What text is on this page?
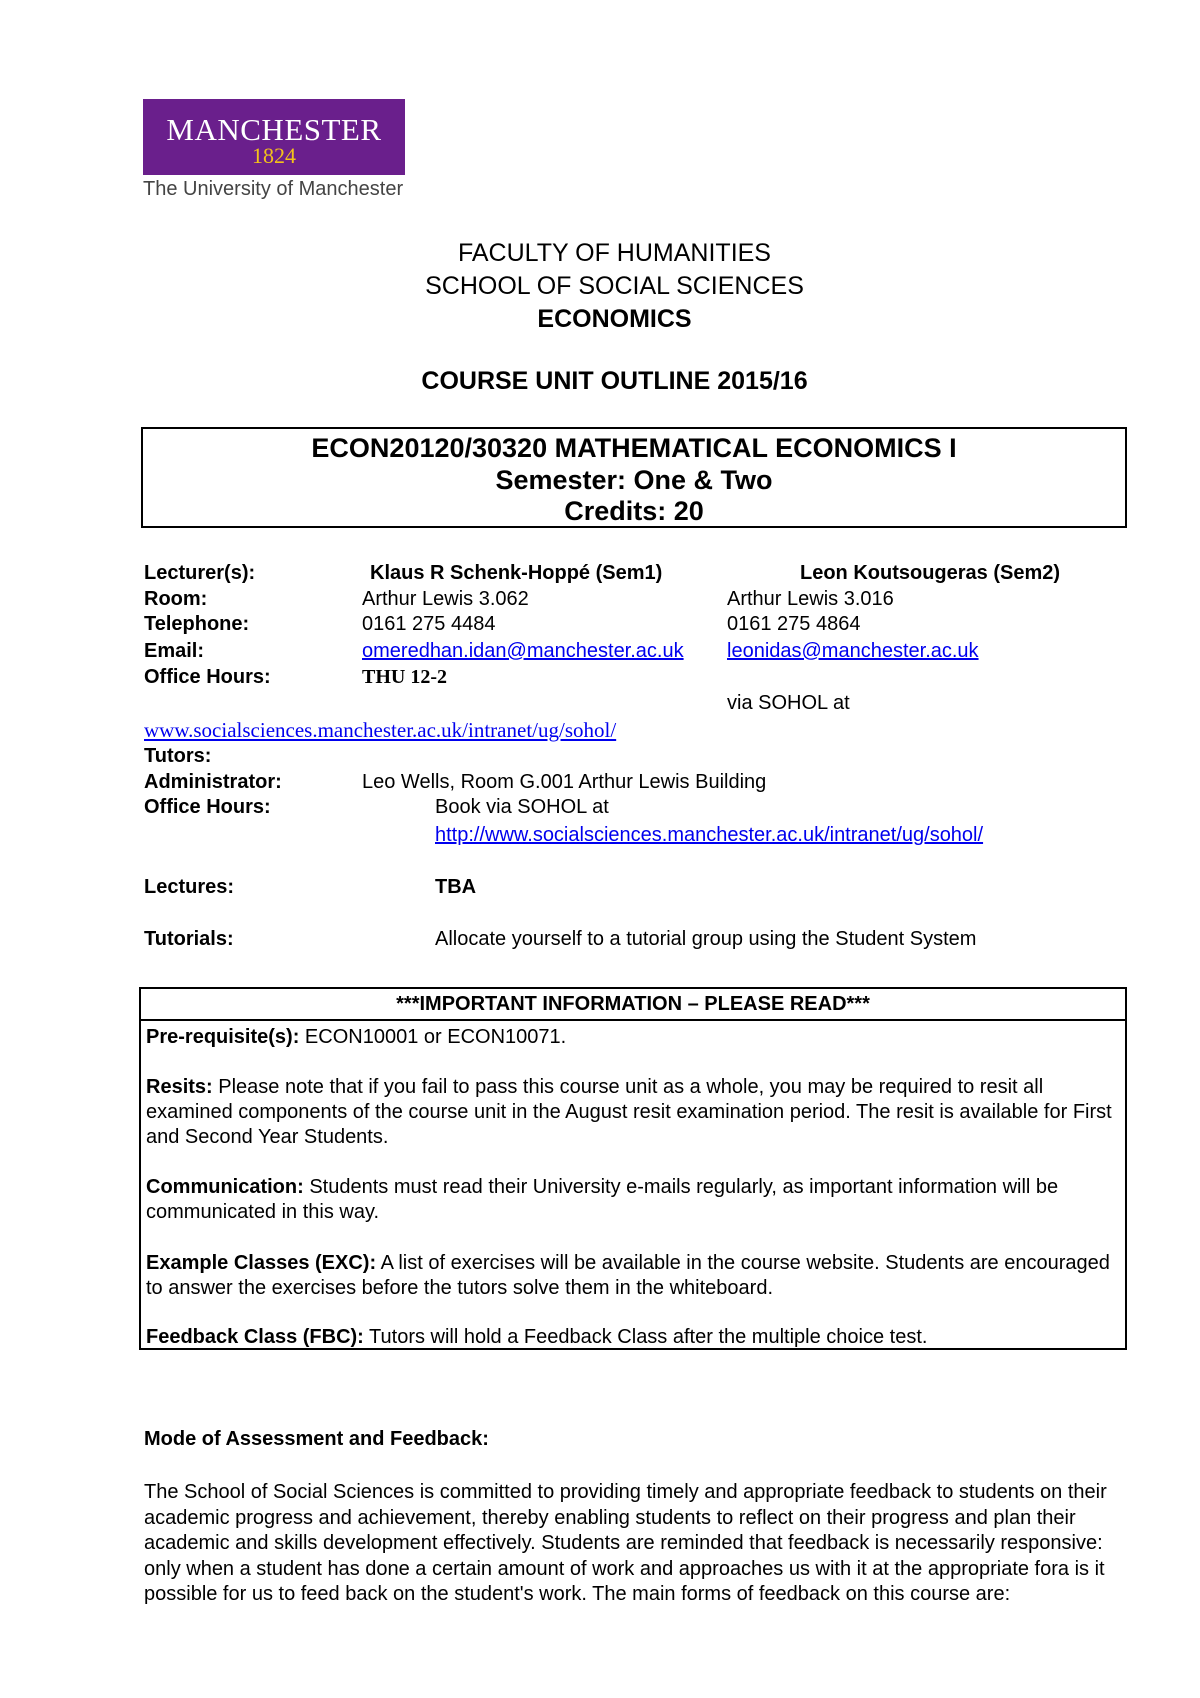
MANCHESTER
1824
The University of Manchester
FACULTY OF HUMANITIES
SCHOOL OF SOCIAL SCIENCES
ECONOMICS
COURSE UNIT OUTLINE 2015/16
ECON20120/30320 MATHEMATICAL ECONOMICS I
Semester: One & Two
Credits: 20
Lecturer(s):	Klaus R Schenk-Hoppé (Sem1)	Leon Koutsougeras (Sem2)
Room:	Arthur Lewis 3.062	Arthur Lewis 3.016
Telephone:	0161 275 4484	0161 275 4864
Email:	omeredhan.idan@manchester.ac.uk leonidas@manchester.ac.uk
Office Hours:	THU 12-2
via SOHOL at
www.socialsciences.manchester.ac.uk/intranet/ug/sohol/
Tutors:
Administrator:	Leo Wells, Room G.001 Arthur Lewis Building
Office Hours:	Book via SOHOL at
http://www.socialsciences.manchester.ac.uk/intranet/ug/sohol/
Lectures:	TBA
Tutorials:	Allocate yourself to a tutorial group using the Student System
***IMPORTANT INFORMATION – PLEASE READ***
Pre-requisite(s): ECON10001 or ECON10071.
Resits: Please note that if you fail to pass this course unit as a whole, you may be required to resit all examined components of the course unit in the August resit examination period. The resit is available for First and Second Year Students.
Communication: Students must read their University e-mails regularly, as important information will be communicated in this way.
Example Classes (EXC): A list of exercises will be available in the course website. Students are encouraged to answer the exercises before the tutors solve them in the whiteboard.
Feedback Class (FBC): Tutors will hold a Feedback Class after the multiple choice test.
Mode of Assessment and Feedback:
The School of Social Sciences is committed to providing timely and appropriate feedback to students on their academic progress and achievement, thereby enabling students to reflect on their progress and plan their academic and skills development effectively. Students are reminded that feedback is necessarily responsive: only when a student has done a certain amount of work and approaches us with it at the appropriate fora is it possible for us to feed back on the student's work. The main forms of feedback on this course are:
